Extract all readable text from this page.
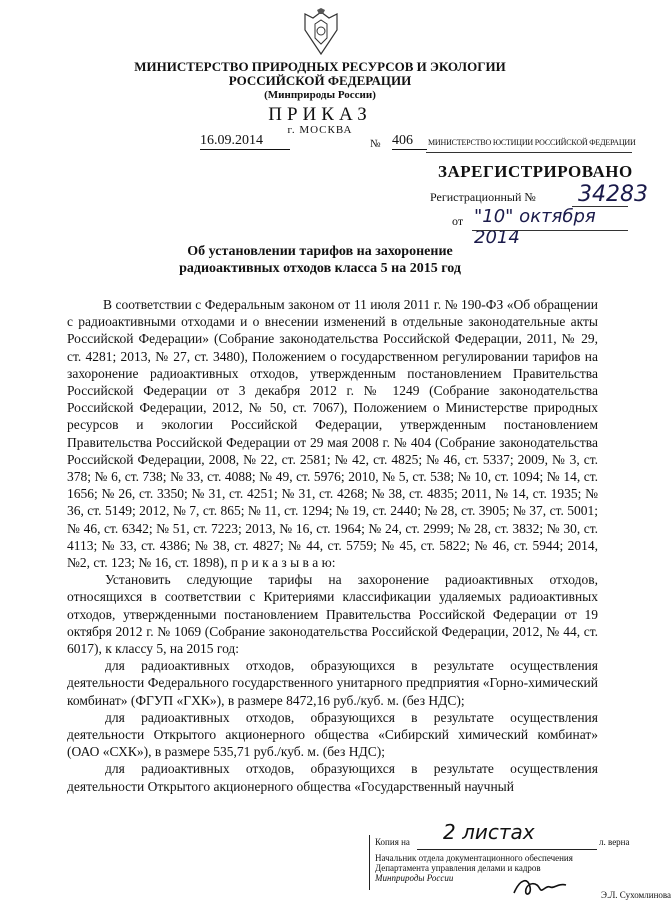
МИНИСТЕРСТВО ПРИРОДНЫХ РЕСУРСОВ И ЭКОЛОГИИ
РОССИЙСКОЙ ФЕДЕРАЦИИ
(Минприроды России)
ПРИКАЗ
г. МОСКВА
16.09.2014	№ 406	МИНИСТЕРСТВО ЮСТИЦИИ РОССИЙСКОЙ ФЕДЕРАЦИИ
ЗАРЕГИСТРИРОВАНО
Регистрационный № 34283
от "10" октября 2014
Об установлении тарифов на захоронение
радиоактивных отходов класса 5 на 2015 год

В соответствии с Федеральным законом от 11 июля 2011 г. № 190-ФЗ «Об обращении с радиоактивными отходами и о внесении изменений в отдельные законодательные акты Российской Федерации» (Собрание законодательства Российской Федерации, 2011, № 29, ст. 4281; 2013, № 27, ст. 3480), Положением о государственном регулировании тарифов на захоронение радиоактивных отходов, утвержденным постановлением Правительства Российской Федерации от 3 декабря 2012 г. № 1249 (Собрание законодательства Российской Федерации, 2012, № 50, ст. 7067), Положением о Министерстве природных ресурсов и экологии Российской Федерации, утвержденным постановлением Правительства Российской Федерации от 29 мая 2008 г. № 404 (Собрание законодательства Российской Федерации, 2008, № 22, ст. 2581; № 42, ст. 4825; № 46, ст. 5337; 2009, № 3, ст. 378; № 6, ст. 738; № 33, ст. 4088; № 49, ст. 5976; 2010, № 5, ст. 538; № 10, ст. 1094; № 14, ст. 1656; № 26, ст. 3350; № 31, ст. 4251; № 31, ст. 4268; № 38, ст. 4835; 2011, № 14, ст. 1935; № 36, ст. 5149; 2012, № 7, ст. 865; № 11, ст. 1294; № 19, ст. 2440; № 28, ст. 3905; № 37, ст. 5001; № 46, ст. 6342; № 51, ст. 7223; 2013, № 16, ст. 1964; № 24, ст. 2999; № 28, ст. 3832; № 30, ст. 4113; № 33, ст. 4386; № 38, ст. 4827; № 44, ст. 5759; № 45, ст. 5822; № 46, ст. 5944; 2014, №2, ст. 123; № 16, ст. 1898), п р и к а з ы в а ю:

Установить следующие тарифы на захоронение радиоактивных отходов, относящихся в соответствии с Критериями классификации удаляемых радиоактивных отходов, утвержденными постановлением Правительства Российской Федерации от 19 октября 2012 г. № 1069 (Собрание законодательства Российской Федерации, 2012, № 44, ст. 6017), к классу 5, на 2015 год:

для радиоактивных отходов, образующихся в результате осуществления деятельности Федерального государственного унитарного предприятия «Горно-химический комбинат» (ФГУП «ГХК»), в размере 8472,16 руб./куб. м. (без НДС);

для радиоактивных отходов, образующихся в результате осуществления деятельности Открытого акционерного общества «Сибирский химический комбинат» (ОАО «СХК»), в размере 535,71 руб./куб. м. (без НДС);

для радиоактивных отходов, образующихся в результате осуществления деятельности Открытого акционерного общества «Государственный научный

Копия на 2 листах	л. верна
Начальник отдела документационного обеспечения
Департамента управления делами и кадров
Минприроды России
Э.Л. Сухомлинова
